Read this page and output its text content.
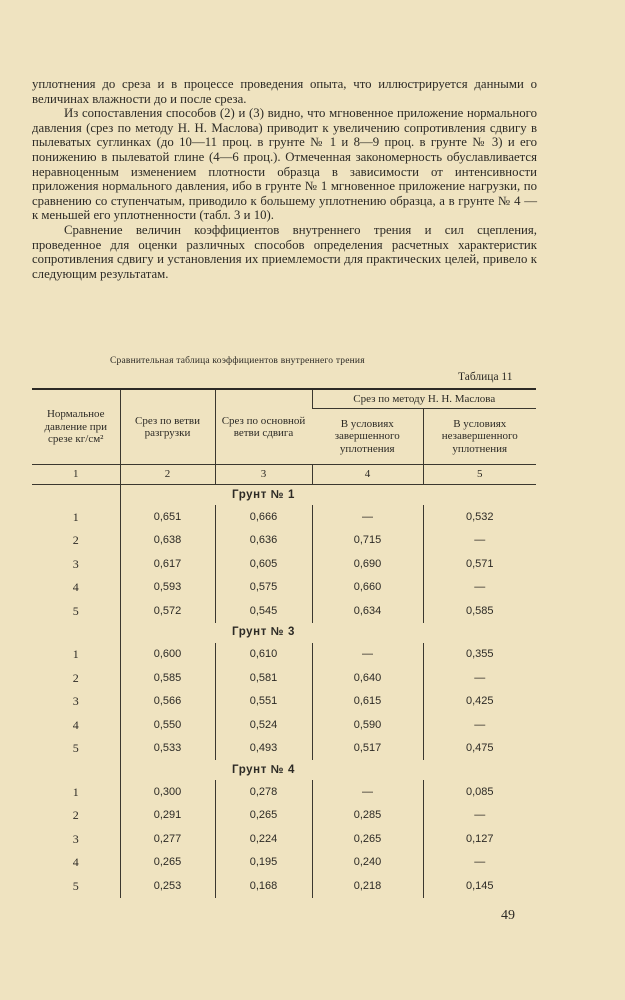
уплотнения до среза и в процессе проведения опыта, что иллюстрируется данными о величинах влажности до и после среза.

Из сопоставления способов (2) и (3) видно, что мгновенное приложение нормального давления (срез по методу Н. Н. Маслова) приводит к увеличению сопротивления сдвигу в пылеватых суглинках (до 10—11 проц. в грунте № 1 и 8—9 проц. в грунте № 3) и его понижению в пылеватой глине (4—6 проц.). Отмеченная закономерность обуславливается неравноценным изменением плотности образца в зависимости от интенсивности приложения нормального давления, ибо в грунте № 1 мгновенное приложение нагрузки, по сравнению со ступенчатым, приводило к большему уплотнению образца, а в грунте № 4 — к меньшей его уплотненности (табл. 3 и 10).

Сравнение величин коэффициентов внутреннего трения и сил сцепления, проведенное для оценки различных способов определения расчетных характеристик сопротивления сдвигу и установления их приемлемости для практических целей, привело к следующим результатам.

Сравнительная таблица коэффициентов внутреннего трения
Таблица 11
Нормальное давление при срезе кг/см²	Срез по ветви разгрузки	Срез по основной ветви сдвига	Срез по методу Н. Н. Маслова	
			В условиях завершенного уплотнения	В условиях незавершенного уплотнения
1	2	3	4	5
		Грунт № 1		
1	0,651	0,666	—	0,532
2	0,638	0,636	0,715	—
3	0,617	0,605	0,690	0,571
4	0,593	0,575	0,660	—
5	0,572	0,545	0,634	0,585
		Грунт № 3		
1	0,600	0,610	—	0,355
2	0,585	0,581	0,640	—
3	0,566	0,551	0,615	0,425
4	0,550	0,524	0,590	—
5	0,533	0,493	0,517	0,475
		Грунт № 4		
1	0,300	0,278	—	0,085
2	0,291	0,265	0,285	—
3	0,277	0,224	0,265	0,127
4	0,265	0,195	0,240	—
5	0,253	0,168	0,218	0,145
49
